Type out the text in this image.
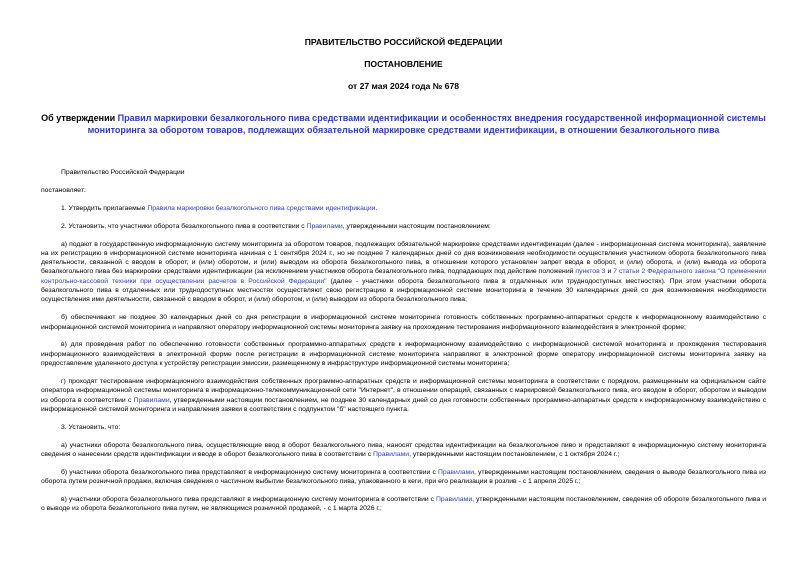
ПРАВИТЕЛЬСТВО РОССИЙСКОЙ ФЕДЕРАЦИИ
ПОСТАНОВЛЕНИЕ
от 27 мая 2024 года № 678
Об утверждении Правил маркировки безалкогольного пива средствами идентификации и особенностях внедрения государственной информационной системы мониторинга за оборотом товаров, подлежащих обязательной маркировке средствами идентификации, в отношении безалкогольного пива
Правительство Российской Федерации
постановляет:
1. Утвердить прилагаемые Правила маркировки безалкогольного пива средствами идентификации.
2. Установить, что участники оборота безалкогольного пива в соответствии с Правилами, утвержденными настоящим постановлением:
а) подают в государственную информационную систему мониторинга за оборотом товаров, подлежащих обязательной маркировке средствами идентификации (далее - информационная система мониторинга), заявление на их регистрацию в информационной системе мониторинга начиная с 1 сентября 2024 г., но не позднее 7 календарных дней со дня возникновения необходимости осуществления участником оборота безалкогольного пива деятельности, связанной с вводом в оборот, и (или) оборотом, и (или) выводом из оборота безалкогольного пива, в отношении которого установлен запрет ввода в оборот, и (или) оборота, и (или) вывода из оборота безалкогольного пива без маркировки средствами идентификации (за исключением участников оборота безалкогольного пива, подпадающих под действие положений пунктов 3 и 7 статьи 2 Федерального закона "О применении контрольно-кассовой техники при осуществлении расчетов в Российской Федерации" (далее - участники оборота безалкогольного пива в отдаленных или труднодоступных местностях). При этом участники оборота безалкогольного пива в отдаленных или труднодоступных местностях осуществляют свою регистрацию в информационной системе мониторинга в течение 30 календарных дней со дня возникновения необходимости осуществления ими деятельности, связанной с вводом в оборот, и (или) оборотом, и (или) выводом из оборота безалкогольного пива;
б) обеспечивают не позднее 30 календарных дней со дня регистрации в информационной системе мониторинга готовность собственных программно-аппаратных средств к информационному взаимодействию с информационной системой мониторинга и направляют оператору информационной системы мониторинга заявку на прохождение тестирования информационного взаимодействия в электронной форме;
в) для проведения работ по обеспечению готовности собственных программно-аппаратных средств к информационному взаимодействию с информационной системой мониторинга и прохождения тестирования информационного взаимодействия в электронной форме после регистрации в информационной системе мониторинга направляют в электронной форме оператору информационной системы мониторинга заявку на предоставление удаленного доступа к устройству регистрации эмиссии, размещенному в инфраструктуре информационной системы мониторинга;
г) проходят тестирование информационного взаимодействия собственных программно-аппаратных средств и информационной системы мониторинга в соответствии с порядком, размещенным на официальном сайте оператора информационной системы мониторинга в информационно-телекоммуникационной сети "Интернет", в отношении операций, связанных с маркировкой безалкогольного пива, его вводом в оборот, оборотом и выводом из оборота в соответствии с Правилами, утвержденными настоящим постановлением, не позднее 30 календарных дней со дня готовности собственных программно-аппаратных средств к информационному взаимодействию с информационной системой мониторинга и направления заявки в соответствии с подпунктом "б" настоящего пункта.
3. Установить, что:
а) участники оборота безалкогольного пива, осуществляющие ввод в оборот безалкогольного пива, наносят средства идентификации на безалкогольное пиво и представляют в информационную систему мониторинга сведения о нанесении средств идентификации и вводе в оборот безалкогольного пива в соответствии с Правилами, утвержденными настоящим постановлением, с 1 октября 2024 г.;
б) участники оборота безалкогольного пива представляют в информационную систему мониторинга в соответствии с Правилами, утвержденными настоящим постановлением, сведения о выводе безалкогольного пива из оборота путем розничной продажи, включая сведения о частичном выбытии безалкогольного пива, упакованного в кеги, при его реализации в розлив - с 1 апреля 2025 г.;
в) участники оборота безалкогольного пива представляют в информационную систему мониторинга в соответствии с Правилами, утвержденными настоящим постановлением, сведения об обороте безалкогольного пива и о выводе из оборота безалкогольного пива путем, не являющимся розничной продажей, - с 1 марта 2026 г.;
